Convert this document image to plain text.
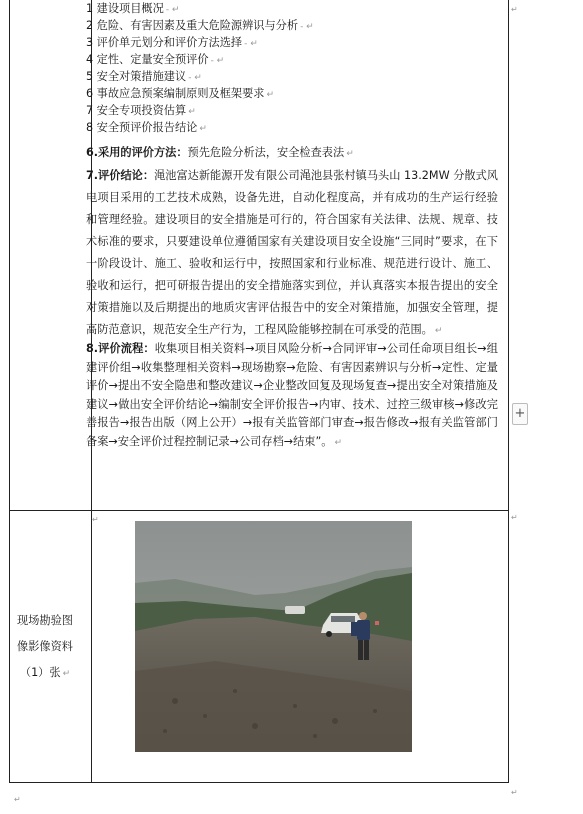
1 建设项目概况 - ↵
2 危险、有害因素及重大危险源辨识与分析 - ↵
3 评价单元划分和评价方法选择 - ↵
4 定性、定量安全预评价 - ↵
5 安全对策措施建议 - ↵
6 事故应急预案编制原则及框架要求 ↵
7 安全专项投资估算 ↵
8 安全预评价报告结论 ↵
6.采用的评价方法：预先危险分析法，安全检查表法 ↵
7.评价结论：渑池富达新能源开发有限公司渑池县张村镇马头山 13.2MW 分散式风电项目采用的工艺技术成熟，设备先进，自动化程度高，并有成功的生产运行经验和管理经验。建设项目的安全措施是可行的，符合国家有关法律、法规、规章、技术标准的要求，只要建设单位遵循国家有关建设项目安全设施“三同时”要求，在下一阶段设计、施工、验收和运行中，按照国家和行业标准、规范进行设计、施工、验收和运行，把可研报告提出的安全措施落实到位，并认真落实本报告提出的安全对策措施以及后期提出的地质灾害评估报告中的安全对策措施，加强安全管理，提高防范意识，规范安全生产行为，工程风险能够控制在可承受的范围。 ↵
8.评价流程：收集项目相关资料→项目风险分析→合同评审→公司任命项目组长→组建评价组→收集整理相关资料→现场勘察→危险、有害因素辨识与分析→定性、定量评价→提出不安全隐患和整改建议→企业整改回复及现场复查→提出安全对策措施及建议→做出安全评价结论→编制安全评价报告→内审、技术、过控三级审核→修改完善报告→报告出版（网上公开）→报有关监管部门审查→报告修改→报有关监管部门备案→安全评价过程控制记录→公司存档→结束”。 ↵
现场勘验图
像影像资料
（1）张 ↵
↵
+
↵
↵
↵
↵
